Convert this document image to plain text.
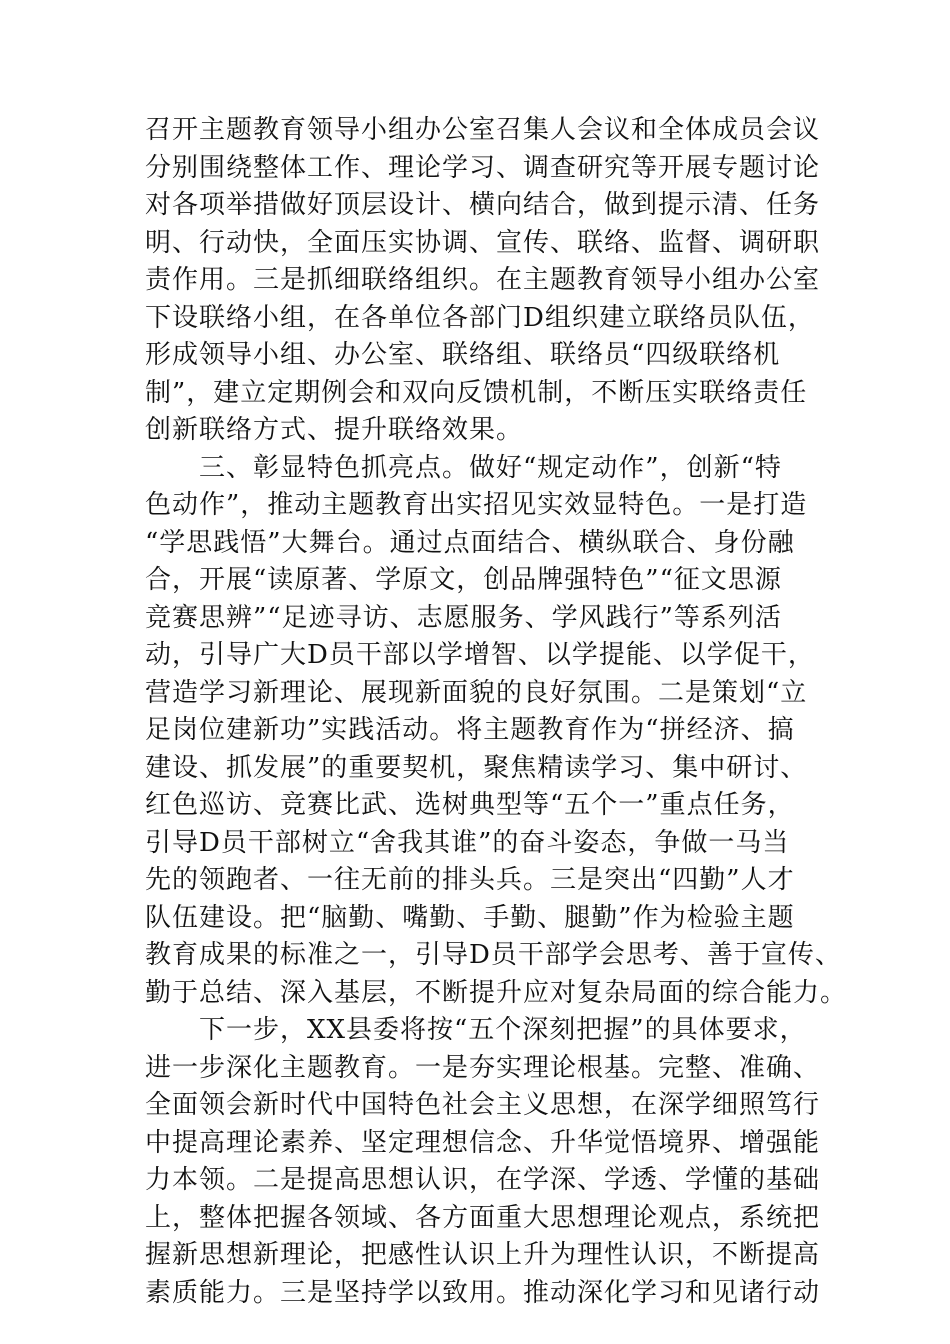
召开主题教育领导小组办公室召集人会议和全体成员会议
分别围绕整体工作、理论学习、调查研究等开展专题讨论
对各项举措做好顶层设计、横向结合，做到提示清、任务
明、行动快，全面压实协调、宣传、联络、监督、调研职
责作用。三是抓细联络组织。在主题教育领导小组办公室
下设联络小组，在各单位各部门D组织建立联络员队伍，
形成领导小组、办公室、联络组、联络员“四级联络机
制”，建立定期例会和双向反馈机制，不断压实联络责任
创新联络方式、提升联络效果。
三、彰显特色抓亮点。做好“规定动作”，创新“特
色动作”，推动主题教育出实招见实效显特色。一是打造
“学思践悟”大舞台。通过点面结合、横纵联合、身份融
合，开展“读原著、学原文，创品牌强特色”“征文思源
竞赛思辨”“足迹寻访、志愿服务、学风践行”等系列活
动，引导广大D员干部以学增智、以学提能、以学促干，
营造学习新理论、展现新面貌的良好氛围。二是策划“立
足岗位建新功”实践活动。将主题教育作为“拼经济、搞
建设、抓发展”的重要契机，聚焦精读学习、集中研讨、
红色巡访、竞赛比武、选树典型等“五个一”重点任务，
引导D员干部树立“舍我其谁”的奋斗姿态，争做一马当
先的领跑者、一往无前的排头兵。三是突出“四勤”人才
队伍建设。把“脑勤、嘴勤、手勤、腿勤”作为检验主题
教育成果的标准之一，引导D员干部学会思考、善于宣传、
勤于总结、深入基层，不断提升应对复杂局面的综合能力。
下一步，XX县委将按“五个深刻把握”的具体要求，
进一步深化主题教育。一是夯实理论根基。完整、准确、
全面领会新时代中国特色社会主义思想，在深学细照笃行
中提高理论素养、坚定理想信念、升华觉悟境界、增强能
力本领。二是提高思想认识，在学深、学透、学懂的基础
上，整体把握各领域、各方面重大思想理论观点，系统把
握新思想新理论，把感性认识上升为理性认识，不断提高
素质能力。三是坚持学以致用。推动深化学习和见诸行动
